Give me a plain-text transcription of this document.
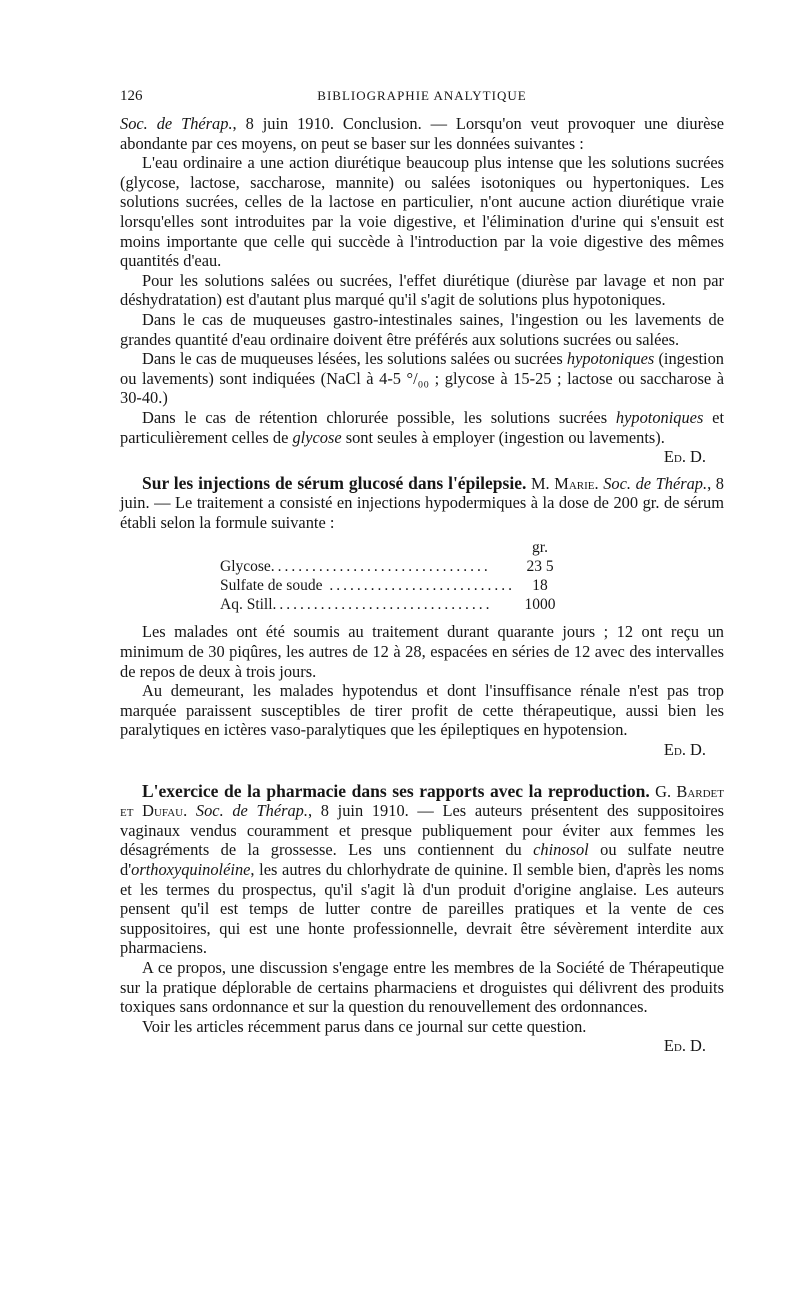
126	BIBLIOGRAPHIE ANALYTIQUE

Soc. de Thérap., 8 juin 1910. Conclusion. — Lorsqu'on veut provoquer une diurèse abondante par ces moyens, on peut se baser sur les données suivantes :

L'eau ordinaire a une action diurétique beaucoup plus intense que les solutions sucrées (glycose, lactose, saccharose, mannite) ou salées isotoniques ou hypertoniques. Les solutions sucrées, celles de la lactose en particulier, n'ont aucune action diurétique vraie lorsqu'elles sont introduites par la voie digestive, et l'élimination d'urine qui s'ensuit est moins importante que celle qui succède à l'introduction par la voie digestive des mêmes quantités d'eau.

Pour les solutions salées ou sucrées, l'effet diurétique (diurèse par lavage et non par déshydratation) est d'autant plus marqué qu'il s'agit de solutions plus hypotoniques.

Dans le cas de muqueuses gastro-intestinales saines, l'ingestion ou les lavements de grandes quantité d'eau ordinaire doivent être préférés aux solutions sucrées ou salées.

Dans le cas de muqueuses lésées, les solutions salées ou sucrées hypotoniques (ingestion ou lavements) sont indiquées (NaCl à 4-5 °/₀₀ ; glycose à 15-25 ; lactose ou saccharose à 30-40.)

Dans le cas de rétention chlorurée possible, les solutions sucrées hypotoniques et particulièrement celles de glycose sont seules à employer (ingestion ou lavements).

Ed. D.

Sur les injections de sérum glucosé dans l'épilepsie. M. Marie. Soc. de Thérap., 8 juin. — Le traitement a consisté en injections hypodermiques à la dose de 200 gr. de sérum établi selon la formule suivante :

	gr.
Glycose................................	23 5
Sulfate de soude ...........................	18
Aq. Still................................	1000

Les malades ont été soumis au traitement durant quarante jours ; 12 ont reçu un minimum de 30 piqûres, les autres de 12 à 28, espacées en séries de 12 avec des intervalles de repos de deux à trois jours.

Au demeurant, les malades hypotendus et dont l'insuffisance rénale n'est pas trop marquée paraissent susceptibles de tirer profit de cette thérapeutique, aussi bien les paralytiques en ictères vaso-paralytiques que les épileptiques en hypotension.

Ed. D.

L'exercice de la pharmacie dans ses rapports avec la reproduction. G. Bardet et Dufau. Soc. de Thérap., 8 juin 1910. — Les auteurs présentent des suppositoires vaginaux vendus couramment et presque publiquement pour éviter aux femmes les désagréments de la grossesse. Les uns contiennent du chinosol ou sulfate neutre d'orthoxyquinoléine, les autres du chlorhydrate de quinine. Il semble bien, d'après les noms et les termes du prospectus, qu'il s'agit là d'un produit d'origine anglaise. Les auteurs pensent qu'il est temps de lutter contre de pareilles pratiques et la vente de ces suppositoires, qui est une honte professionnelle, devrait être sévèrement interdite aux pharmaciens.

A ce propos, une discussion s'engage entre les membres de la Société de Thérapeutique sur la pratique déplorable de certains pharmaciens et droguistes qui délivrent des produits toxiques sans ordonnance et sur la question du renouvellement des ordonnances.

Voir les articles récemment parus dans ce journal sur cette question.

Ed. D.
